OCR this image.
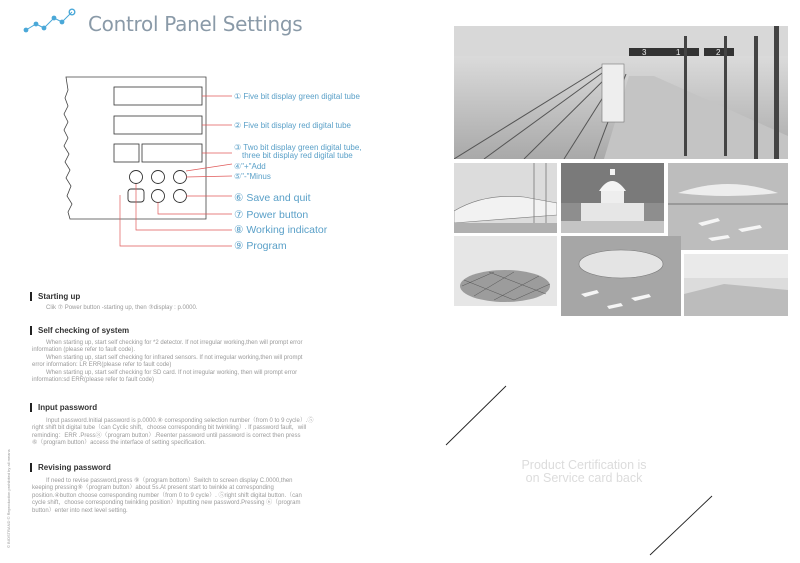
Control Panel Settings
① Five bit display green digital tube
② Five bit display red digital tube
③ Two bit display green digital tube,
three bit display red digital tube
④"+"Add
⑤"-"Minus
⑥ Save and quit
⑦ Power button
⑧ Working indicator
⑨ Program
Starting up
Clik ⑦ Power button -starting up, then ③display : p.0000.
Self checking of system
When starting up, start self checking for *2 detector. If not irregular working,then will prompt error
information (please refer to fault code).
When starting up, start self checking for infrared sensors. If not irregular working,then will prompt
error information: LR ERR(please refer to fault code)
When starting up, start self checking for SD card. If not irregular working, then will prompt error
information:sd ERR(please refer to fault code)
Input password
Input password.Initial password is p.0000.⑧ corresponding selection number（from 0 to 9 cycle）.⑤
right shift bit digital tube（can Cyclic shift，choose corresponding bit twinkling）. If password fault，will
reminding：ERR .Press⑧（program button）.Reenter password until password is correct then press
⑥（program button）access the interface of setting specification.
Revising password
If need to revise password,press ⑨（program bottom）Switch to screen display C.0000,then
keeping pressing⑨（program button）about 5s.At present start to twinkle at corresponding
position.④button choose corresponding number（from 0 to 9 cycle）. ⑤right shift digital button.（can
cycle shift，choose corresponding twinkling position）Inputting new password.Pressing ⑥（program
button）enter into next level setting.
© BIOSTRAND © Reproduction prohibited by all means
3	1	2
Product Certification is
on Service card back
